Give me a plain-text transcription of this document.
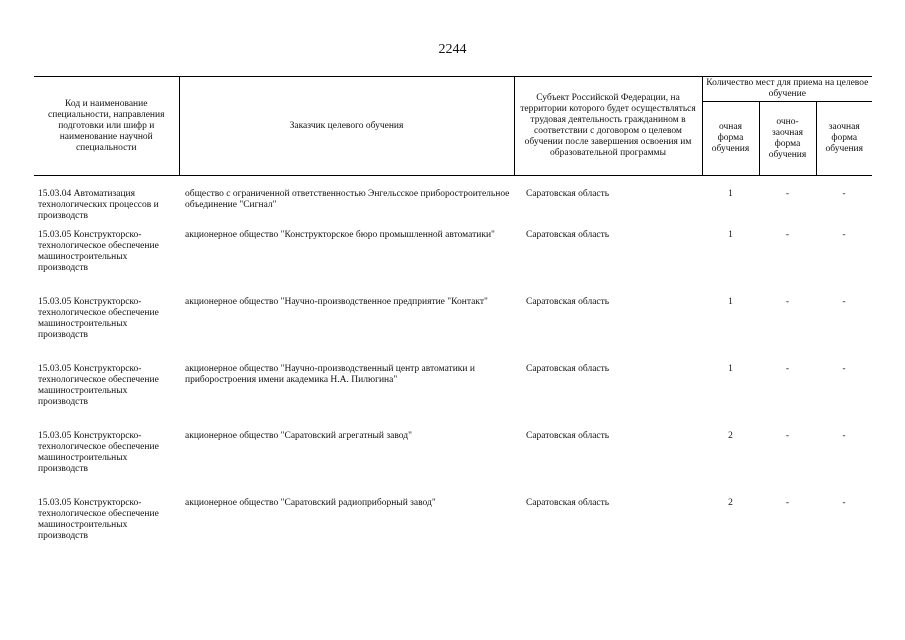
2244
Код и наименование специальности, направления подготовки или шифр и наименование научной специальности	Заказчик целевого обучения	Субъект Российской Федерации, на территории которого будет осуществляться трудовая деятельность гражданином в соответствии с договором о целевом обучении после завершения освоения им образовательной программы	Количество мест для приема на целевое обучение		
			очная форма обучения	очно-заочная форма обучения	заочная форма обучения
15.03.04 Автоматизация технологических процессов и производств	общество с ограниченной ответственностью Энгельсское приборостроительное объединение "Сигнал"	Саратовская область	1	-	-
15.03.05 Конструкторско-технологическое обеспечение машиностроительных производств	акционерное общество "Конструкторское бюро промышленной автоматики"	Саратовская область	1	-	-
15.03.05 Конструкторско-технологическое обеспечение машиностроительных производств	акционерное общество "Научно-производственное предприятие "Контакт"	Саратовская область	1	-	-
15.03.05 Конструкторско-технологическое обеспечение машиностроительных производств	акционерное общество "Научно-производственный центр автоматики и приборостроения имени академика Н.А. Пилюгина"	Саратовская область	1	-	-
15.03.05 Конструкторско-технологическое обеспечение машиностроительных производств	акционерное общество "Саратовский агрегатный завод"	Саратовская область	2	-	-
15.03.05 Конструкторско-технологическое обеспечение машиностроительных производств	акционерное общество "Саратовский радиоприборный завод"	Саратовская область	2	-	-
